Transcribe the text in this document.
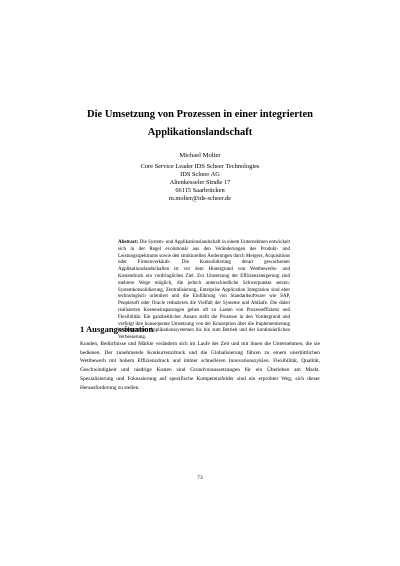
Die Umsetzung von Prozessen in einer integrierten
Applikationslandschaft
Michael Molter
Core Service Leader IDS Scheer Technologies
IDS Scheer AG
Altenkesseler Straße 17
66115 Saarbrücken
m.molter@ids-scheer.de
Abstract: Die System- und Applikationslandschaft in einem Unternehmen entwickelt sich in der Regel evolutionär aus den Veränderungen des Produkt- und Leistungsspektrums sowie den strukturellen Änderungen durch Mergers, Acquisitions oder Firmenverkäufe. Die Konsolidierung derart gewachsener Applikationslandschaften ist vor dem Hintergrund von Wettbewerbs- und Kostendruck ein vordringliches Ziel. Zur Umsetzung der Effizienzsteigerung sind mehrere Wege möglich, die jedoch unterschiedliche Schwerpunkte setzen: Systemkonsolidierung, Zentralisierung, Enterprise Application Integration sind eher technologisch orientiert und die Einführung von Standardsoftware wie SAP, Peoplesoft oder Oracle reduzieren die Vielfalt der Systeme und Abläufe. Die dabei realisierten Kosteneinsparungen gehen oft zu Lasten von Prozesseffizienz und Flexibilität. Ein ganzheitlicher Ansatz stellt die Prozesse in den Vordergrund und verfolgt ihre konsequente Umsetzung von der Konzeption über die Implementierung in integrativen Applikationssystemen bis hin zum Betrieb und der kontinuierlichen Verbesserung.
1 Ausgangssituation
Kunden, Bedürfnisse und Märkte verändern sich im Laufe der Zeit und mit ihnen die Unternehmen, die sie bedienen. Der zunehmende Konkurrenzdruck und die Globalisierung führen zu einem unerbittlichen Wettbewerb mit hohem Effizienzdruck und immer schnelleren Innovationszyklen. Flexibilität, Qualität, Geschwindigkeit und niedrige Kosten sind Grundvoraussetzungen für ein Überleben am Markt. Spezialisierung und Fokussierung auf spezifische Kompetenzfelder sind ein erprobter Weg, sich dieser Herausforderung zu stellen.
73
